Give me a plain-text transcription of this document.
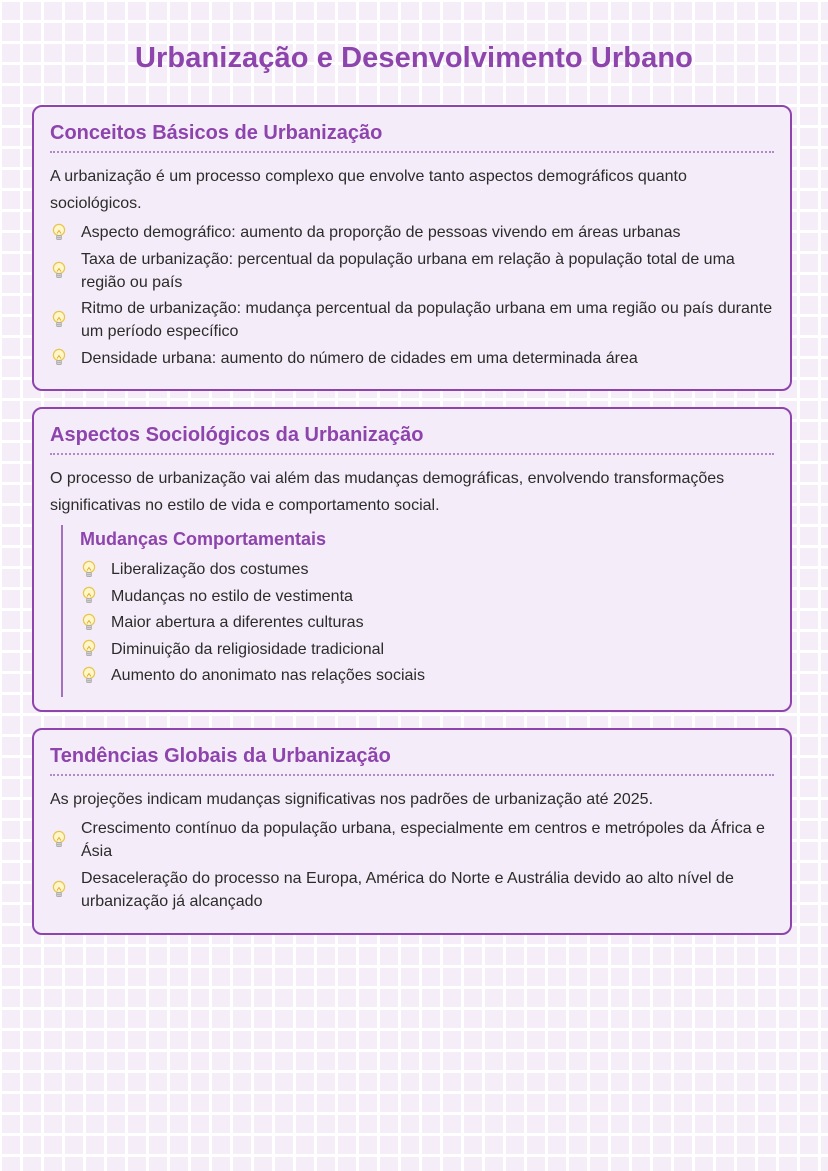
Urbanização e Desenvolvimento Urbano
Conceitos Básicos de Urbanização

A urbanização é um processo complexo que envolve tanto aspectos demográficos quanto sociológicos.

Aspecto demográfico: aumento da proporção de pessoas vivendo em áreas urbanas
Taxa de urbanização: percentual da população urbana em relação à população total de uma região ou país
Ritmo de urbanização: mudança percentual da população urbana em uma região ou país durante um período específico
Densidade urbana: aumento do número de cidades em uma determinada área
Aspectos Sociológicos da Urbanização

O processo de urbanização vai além das mudanças demográficas, envolvendo transformações significativas no estilo de vida e comportamento social.

Mudanças Comportamentais
Liberalização dos costumes
Mudanças no estilo de vestimenta
Maior abertura a diferentes culturas
Diminuição da religiosidade tradicional
Aumento do anonimato nas relações sociais
Tendências Globais da Urbanização

As projeções indicam mudanças significativas nos padrões de urbanização até 2025.

Crescimento contínuo da população urbana, especialmente em centros e metrópoles da África e Ásia
Desaceleração do processo na Europa, América do Norte e Austrália devido ao alto nível de urbanização já alcançado
